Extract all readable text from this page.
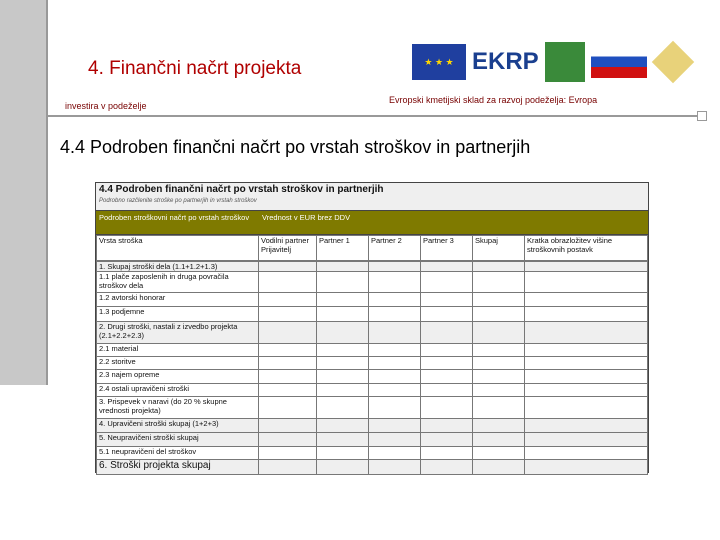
4. Finančni načrt projekta
investira v podeželje
Evropski kmetijski sklad za razvoj podeželja: Evropa
4.4 Podroben finančni načrt po vrstah stroškov in partnerjih
★ ★ ★ EKRP
4.4 Podroben finančni načrt po vrstah stroškov in partnerjih
Podrobno razčlenite stroške po partnerjih in vrstah stroškov
Podroben stroškovni načrt po vrstah stroškov	Vrednost v EUR brez DDV
Vrsta stroška	Vodilni partner Prijavitelj	Partner 1	Partner 2	Partner 3	Skupaj	Kratka obrazložitev višine stroškovnih postavk
1. Skupaj stroški dela (1.1+1.2+1.3)						
1.1 plače zaposlenih in druga povračila stroškov dela						
1.2 avtorski honorar						
1.3 podjemne						
2. Drugi stroški, nastali z izvedbo projekta (2.1+2.2+2.3)						
2.1 material						
2.2 storitve						
2.3 najem opreme						
2.4 ostali upravičeni stroški						
3. Prispevek v naravi (do 20 % skupne vrednosti projekta)						
4. Upravičeni stroški skupaj (1+2+3)						
5. Neupravičeni stroški skupaj						
5.1 neupravičeni del stroškov						
6. Stroški projekta skupaj						
